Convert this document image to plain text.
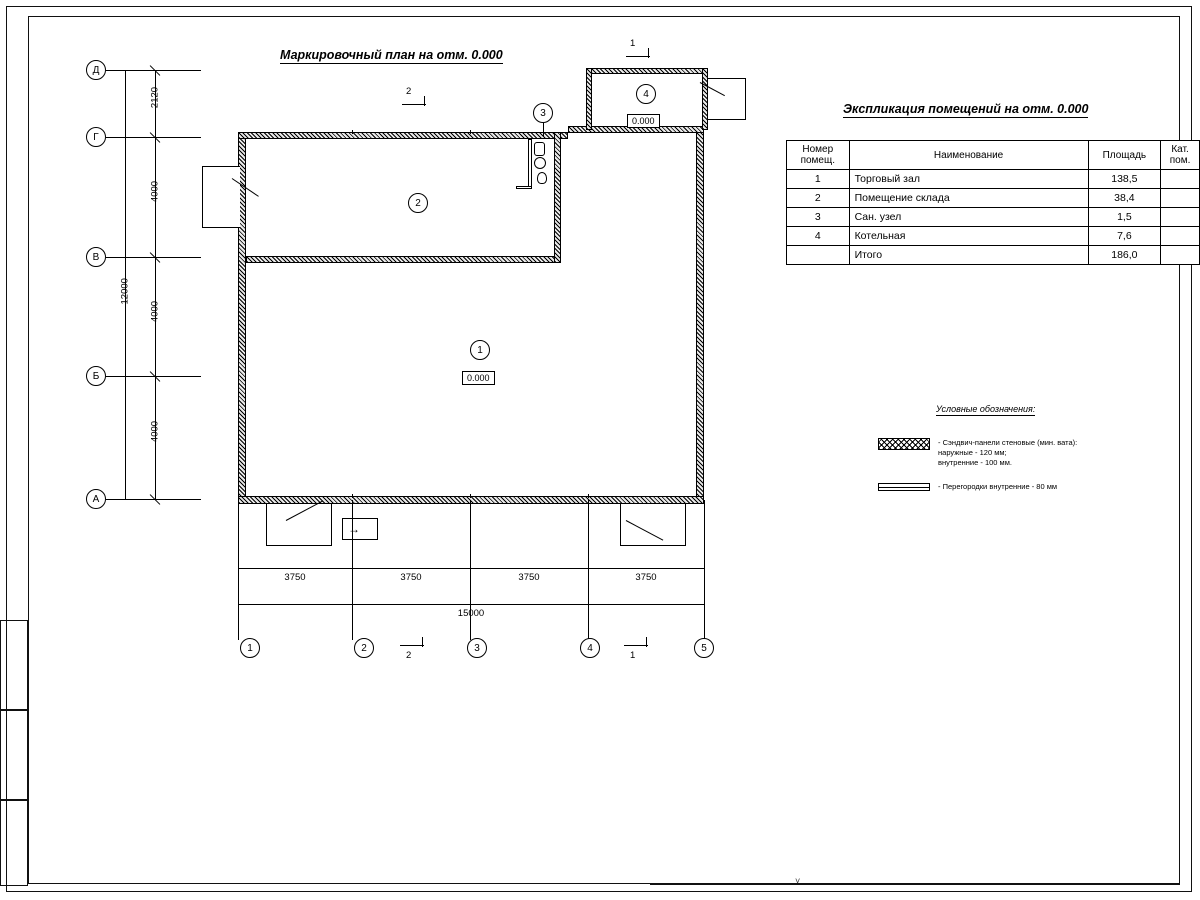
˅
Маркировочный план на отм. 0.000
Д
Г
В
Б
А
12000
2120
4000
4000
4000
→
2
1
0.000
3
4
0.000
1
2
2	1
3750	3750	3750	3750
15000
1	2	3	4	5
Экспликация помещений на отм. 0.000
Номер помещ.	Наименование	Площадь	Кат. пом.
1	Торговый зал	138,5	
2	Помещение склада	38,4	
3	Сан. узел	1,5	
4	Котельная	7,6	
	Итого	186,0	
Условные обозначения:
- Сэндвич-панели стеновые (мин. вата):
наружные - 120 мм;
внутренние - 100 мм.
- Перегородки внутренние - 80 мм
